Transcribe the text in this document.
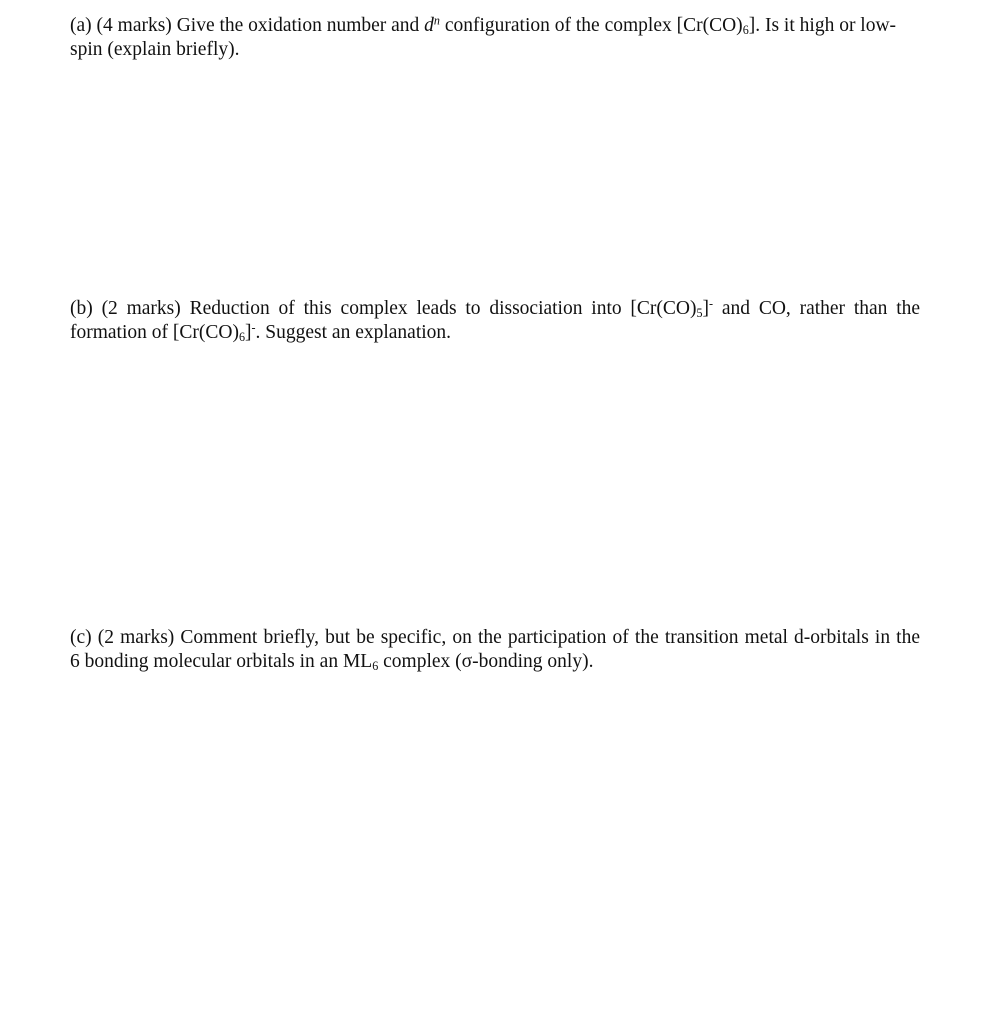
(a) (4 marks) Give the oxidation number and $d^n$ configuration of the complex $[Cr(CO)_6]$. Is it high or low-
spin (explain briefly).

(b) (2 marks) Reduction of this complex leads to dissociation into $[Cr(CO)_5]^-$ and CO, rather than the
formation of $[Cr(CO)_6]^-$. Suggest an explanation.

(c) (2 marks) Comment briefly, but be specific, on the participation of the transition metal d-orbitals in the
6 bonding molecular orbitals in an $ML_6$ complex (σ-bonding only).
